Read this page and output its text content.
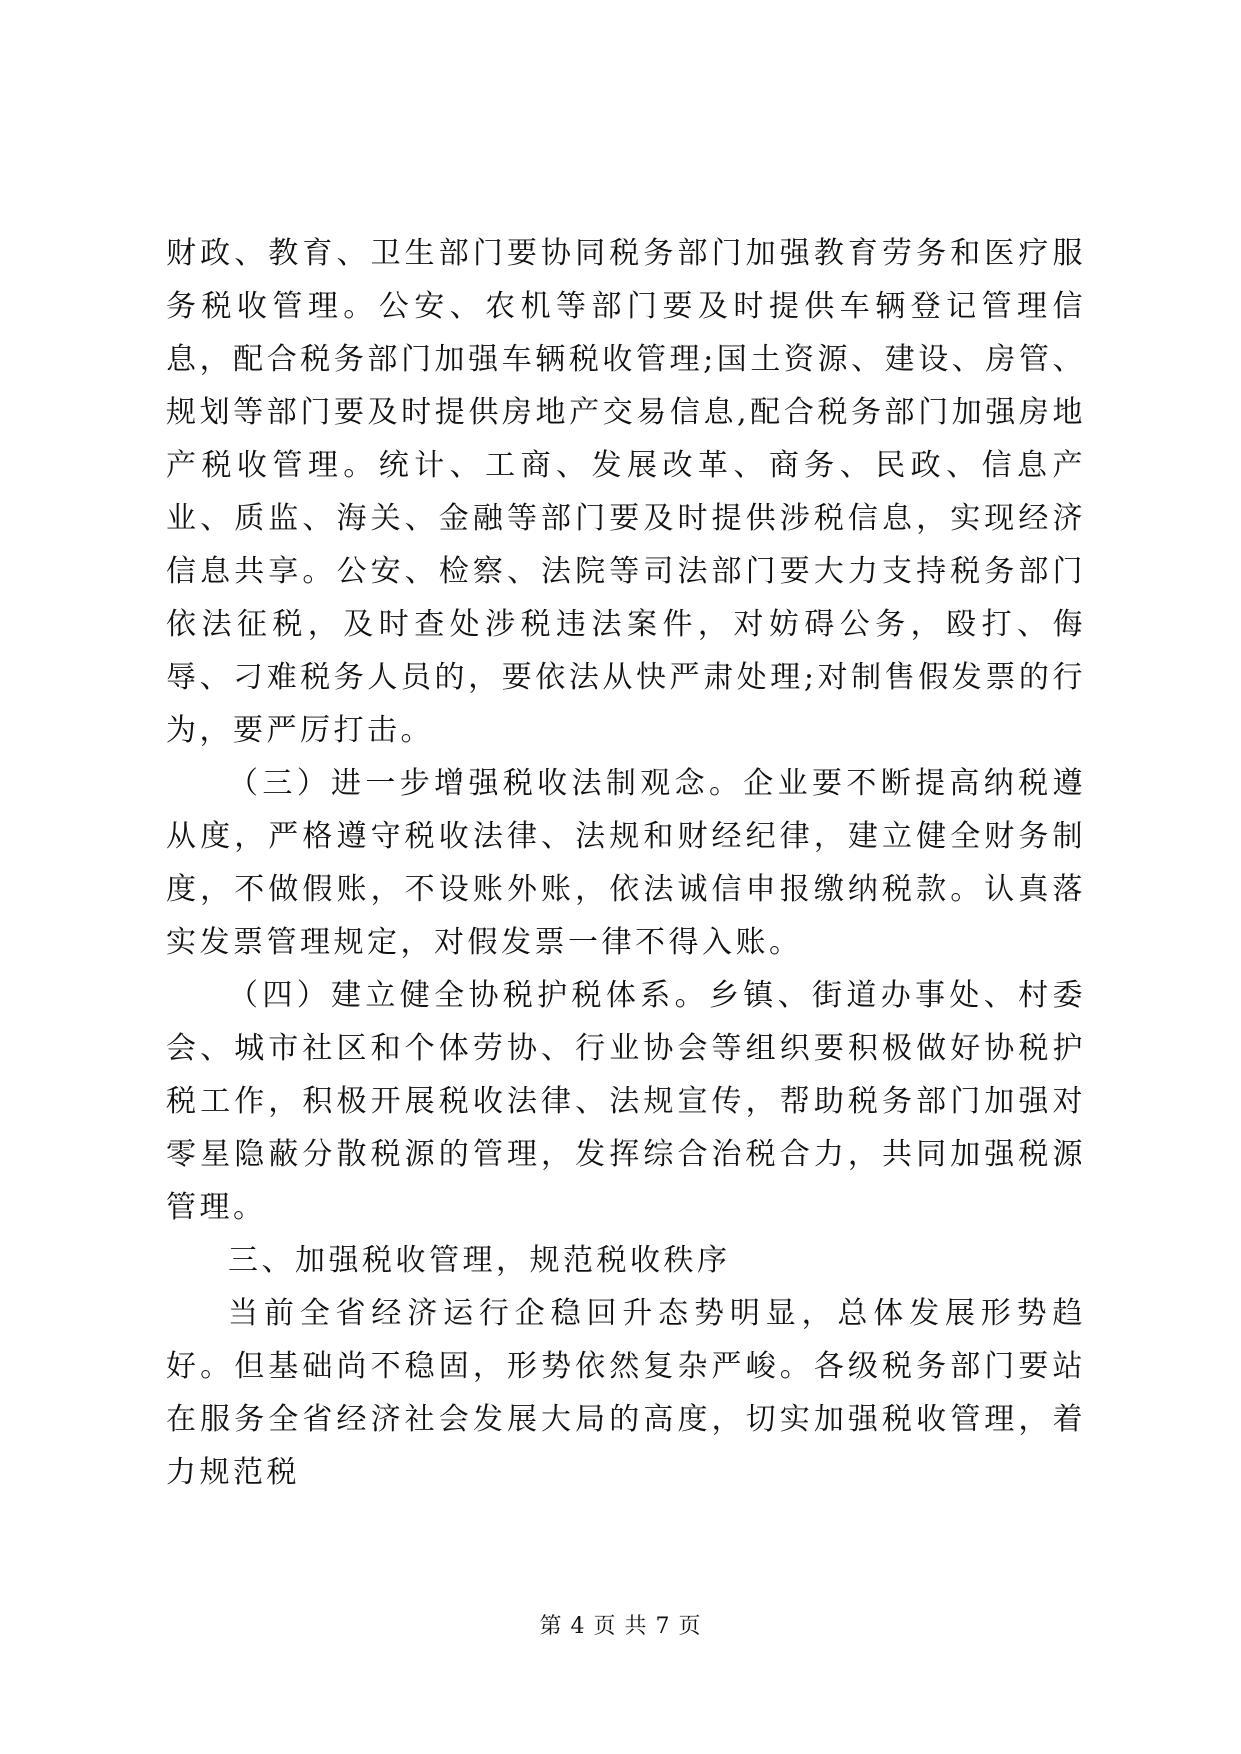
财政、教育、卫生部门要协同税务部门加强教育劳务和医疗服务税收管理。公安、农机等部门要及时提供车辆登记管理信息，配合税务部门加强车辆税收管理;国土资源、建设、房管、规划等部门要及时提供房地产交易信息,配合税务部门加强房地产税收管理。统计、工商、发展改革、商务、民政、信息产业、质监、海关、金融等部门要及时提供涉税信息，实现经济信息共享。公安、检察、法院等司法部门要大力支持税务部门依法征税，及时查处涉税违法案件，对妨碍公务，殴打、侮辱、刁难税务人员的，要依法从快严肃处理;对制售假发票的行为，要严厉打击。

（三）进一步增强税收法制观念。企业要不断提高纳税遵从度，严格遵守税收法律、法规和财经纪律，建立健全财务制度，不做假账，不设账外账，依法诚信申报缴纳税款。认真落实发票管理规定，对假发票一律不得入账。

（四）建立健全协税护税体系。乡镇、街道办事处、村委会、城市社区和个体劳协、行业协会等组织要积极做好协税护税工作，积极开展税收法律、法规宣传，帮助税务部门加强对零星隐蔽分散税源的管理，发挥综合治税合力，共同加强税源管理。

三、加强税收管理，规范税收秩序

当前全省经济运行企稳回升态势明显，总体发展形势趋好。但基础尚不稳固，形势依然复杂严峻。各级税务部门要站在服务全省经济社会发展大局的高度，切实加强税收管理，着力规范税

第 4 页 共 7 页
